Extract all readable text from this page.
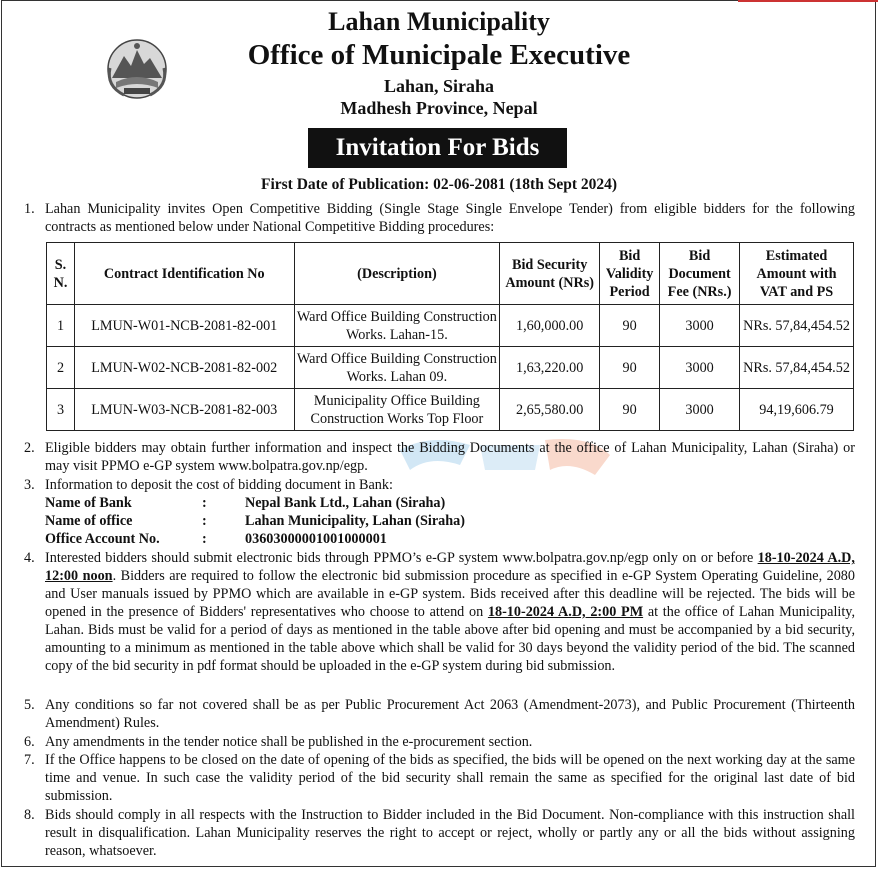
Lahan Municipality
Office of Municipale Executive
Lahan, Siraha
Madhesh Province, Nepal
Invitation For Bids
First Date of Publication: 02-06-2081 (18th Sept 2024)
1. Lahan Municipality invites Open Competitive Bidding (Single Stage Single Envelope Tender) from eligible bidders for the following contracts as mentioned below under National Competitive Bidding procedures:
S. N.	Contract Identification No	(Description)	Bid Security Amount (NRs)	Bid Validity Period	Bid Document Fee (NRs.)	Estimated Amount with VAT and PS
1	LMUN-W01-NCB-2081-82-001	Ward Office Building Construction Works. Lahan-15.	1,60,000.00	90	3000	NRs. 57,84,454.52
2	LMUN-W02-NCB-2081-82-002	Ward Office Building Construction Works. Lahan 09.	1,63,220.00	90	3000	NRs. 57,84,454.52
3	LMUN-W03-NCB-2081-82-003	Municipality Office Building Construction Works Top Floor	2,65,580.00	90	3000	94,19,606.79
2. Eligible bidders may obtain further information and inspect the Bidding Documents at the office of Lahan Municipality, Lahan (Siraha) or may visit PPMO e-GP system www.bolpatra.gov.np/egp.
3. Information to deposit the cost of bidding document in Bank:
Name of Bank	:	Nepal Bank Ltd., Lahan (Siraha)
Name of office	:	Lahan Municipality, Lahan (Siraha)
Office Account No.	:	03603000001001000001
4. Interested bidders should submit electronic bids through PPMO’s e-GP system www.bolpatra.gov.np/egp only on or before 18-10-2024 A.D, 12:00 noon. Bidders are required to follow the electronic bid submission procedure as specified in e-GP System Operating Guideline, 2080 and User manuals issued by PPMO which are available in e-GP system. Bids received after this deadline will be rejected. The bids will be opened in the presence of Bidders' representatives who choose to attend on 18-10-2024 A.D, 2:00 PM at the office of Lahan Municipality, Lahan. Bids must be valid for a period of days as mentioned in the table above after bid opening and must be accompanied by a bid security, amounting to a minimum as mentioned in the table above which shall be valid for 30 days beyond the validity period of the bid. The scanned copy of the bid security in pdf format should be uploaded in the e-GP system during bid submission.
5. Any conditions so far not covered shall be as per Public Procurement Act 2063 (Amendment-2073), and Public Procurement (Thirteenth Amendment) Rules.
6. Any amendments in the tender notice shall be published in the e-procurement section.
7. If the Office happens to be closed on the date of opening of the bids as specified, the bids will be opened on the next working day at the same time and venue. In such case the validity period of the bid security shall remain the same as specified for the original last date of bid submission.
8. Bids should comply in all respects with the Instruction to Bidder included in the Bid Document. Non-compliance with this instruction shall result in disqualification. Lahan Municipality reserves the right to accept or reject, wholly or partly any or all the bids without assigning reason, whatsoever.
